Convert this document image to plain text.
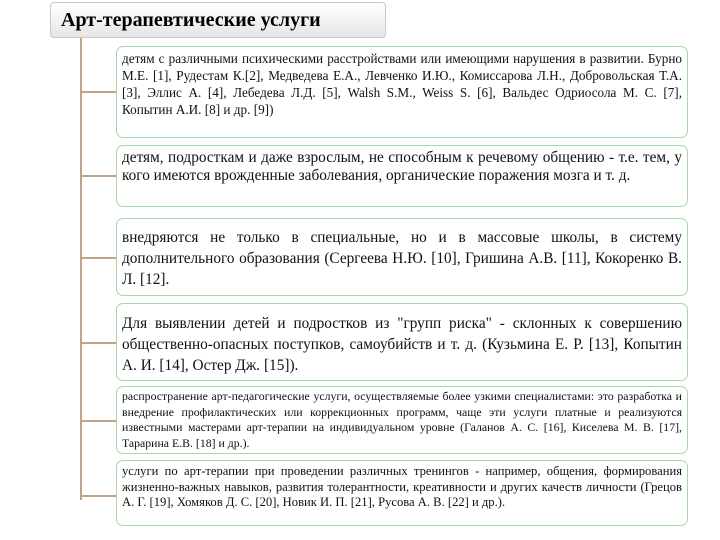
Арт-терапевтические услуги
детям с различными психическими расстройствами или имеющими нарушения в развитии. Бурно М.Е. [1], Рудестам К.[2], Медведева Е.А., Левченко И.Ю., Комиссарова Л.Н., Добровольская Т.А.[3], Эллис А. [4], Лебедева Л.Д. [5], Walsh S.M., Weiss S. [6], Вальдес Одриосола М. С. [7], Копытин А.И. [8] и др. [9])
детям, подросткам и даже взрослым, не способным к речевому общению - т.е. тем, у кого имеются врожденные заболевания, органические поражения мозга и т. д.
внедряются не только в специальные, но и в массовые школы, в систему дополнительного образования (Сергеева Н.Ю. [10], Гришина А.В. [11], Кокоренко В. Л. [12].
Для выявлении детей и подростков из "групп риска" - склонных к совершению общественно-опасных поступков, самоубийств и т. д. (Кузьмина Е. Р. [13], Копытин А. И. [14], Остер Дж. [15]).
распространение арт-педагогические услуги, осуществляемые более узкими специалистами: это разработка и внедрение профилактических или коррекционных программ, чаще эти услуги платные и реализуются известными мастерами арт-терапии на индивидуальном уровне (Галанов А. С. [16], Киселева М. В. [17], Тарарина Е.В. [18] и др.).
услуги по арт-терапии при проведении различных тренингов - например, общения, формирования жизненно-важных навыков, развития толерантности, креативности и других качеств личности (Грецов А. Г. [19], Хомяков Д. С. [20], Новик И. П. [21], Русова А. В. [22] и др.).
